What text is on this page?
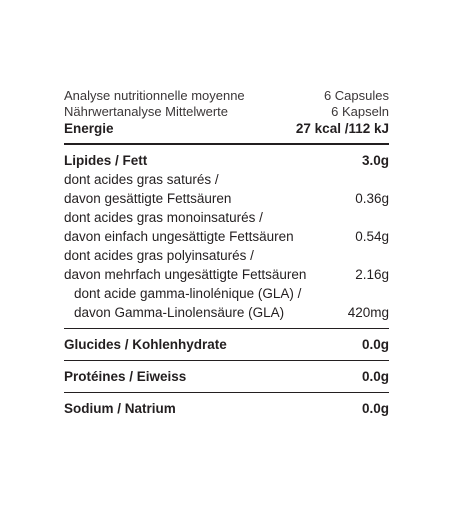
Analyse nutritionnelle moyenne	6 Capsules
Nährwertanalyse Mittelwerte	6 Kapseln
Energie	27 kcal /112 kJ
Lipides / Fett	3.0g
dont acides gras saturés /
davon gesättigte Fettsäuren	0.36g
dont acides gras monoinsaturés /
davon einfach ungesättigte Fettsäuren	0.54g
dont acides gras polyinsaturés /
davon mehrfach ungesättigte Fettsäuren	2.16g
dont acide gamma-linolénique (GLA) /
davon Gamma-Linolensäure (GLA)	420mg
Glucides / Kohlenhydrate	0.0g
Protéines / Eiweiss	0.0g
Sodium / Natrium	0.0g
